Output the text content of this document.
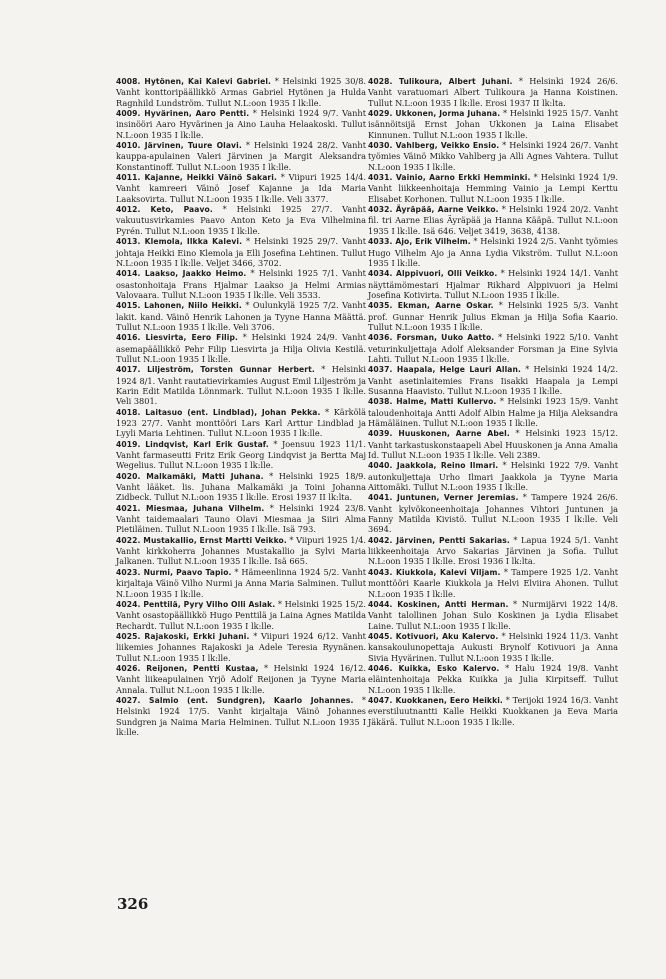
4008. Hytönen, Kai Kalevi Gabriel. * Helsinki 1925 30/8. Vanht konttoripäällikkö Armas Gabriel Hytönen ja Hulda Ragnhild Lundström. Tullut N.L:oon 1935 I lk:lle.

4009. Hyvärinen, Aaro Pentti. * Helsinki 1924 9/7. Vanht insinööri Aaro Hyvärinen ja Aino Lauha Helaakoski. Tullut N.L:oon 1935 I lk:lle.

4010. Järvinen, Tuure Olavi. * Helsinki 1924 28/2. Vanht kauppa-apulainen Valeri Järvinen ja Margit Aleksandra Konstantinoff. Tullut N.L:oon 1935 I lk:lle.

4011. Kajanne, Heikki Väinö Sakari. * Viipuri 1925 14/4. Vanht kamreeri Väinö Josef Kajanne ja Ida Maria Laaksovirta. Tullut N.L:oon 1935 I lk:lle. Veli 3377.

4012. Keto, Paavo. * Helsinki 1925 27/7. Vanht vakuutusvirkamies Paavo Anton Keto ja Eva Vilhelmina Pyrén. Tullut N.L:oon 1935 I lk:lle.

4013. Klemola, Ilkka Kalevi. * Helsinki 1925 29/7. Vanht johtaja Heikki Eino Klemola ja Elli Josefina Lehtinen. Tullut N.L:oon 1935 I lk:lle. Veljet 3466, 3702.

4014. Laakso, Jaakko Heimo. * Helsinki 1925 7/1. Vanht osastonhoitaja Frans Hjalmar Laakso ja Helmi Armias Valovaara. Tullut N.L:oon 1935 I lk:lle. Veli 3533.

4015. Lahonen, Niilo Heikki. * Oulunkylä 1925 7/2. Vanht lakit. kand. Väinö Henrik Lahonen ja Tyyne Hanna Määttä. Tullut N.L:oon 1935 I lk:lle. Veli 3706.

4016. Liesvirta, Eero Filip. * Helsinki 1924 24/9. Vanht asemapäällikkö Pehr Filip Liesvirta ja Hilja Olivia Kestilä. Tullut N.L:oon 1935 I lk:lle.

4017. Liljeström, Torsten Gunnar Herbert. * Helsinki 1924 8/1. Vanht rautatievirkamies August Emil Liljeström ja Karin Edit Matilda Lönnmark. Tullut N.L:oon 1935 I lk:lle. Veli 3801.

4018. Laitasuo (ent. Lindblad), Johan Pekka. * Kärkölä 1923 27/7. Vanht monttööri Lars Karl Arttur Lindblad ja Lyyli Maria Lehtinen. Tullut N.L:oon 1935 I lk:lle.

4019. Lindqvist, Karl Erik Gustaf. * Joensuu 1923 11/1. Vanht farmaseutti Fritz Erik Georg Lindqvist ja Bertta Maj Wegelius. Tullut N.L:oon 1935 I lk:lle.

4020. Malkamäki, Matti Juhana. * Helsinki 1925 18/9. Vanht lääket. lis. Juhana Malkamäki ja Toini Johanna Zidbeck. Tullut N.L:oon 1935 I lk:lle. Erosi 1937 II lk:lta.

4021. Miesmaa, Juhana Vilhelm. * Helsinki 1924 23/8. Vanht taidemaalari Tauno Olavi Miesmaa ja Siiri Alma Pietiläinen. Tullut N.L:oon 1935 I lk:lle. Isä 793.

4022. Mustakallio, Ernst Martti Veikko. * Viipuri 1925 1/4. Vanht kirkkoherra Johannes Mustakallio ja Sylvi Maria Jalkanen. Tullut N.L:oon 1935 I lk:lle. Isä 665.

4023. Nurmi, Paavo Tapio. * Hämeenlinna 1924 5/2. Vanht kirjaltaja Väinö Vilho Nurmi ja Anna Maria Salminen. Tullut N.L:oon 1935 I lk:lle.

4024. Penttilä, Pyry Vilho Olli Aslak. * Helsinki 1925 15/2. Vanht osastopäällikkö Hugo Penttilä ja Laina Agnes Matilda Rechardt. Tullut N.L:oon 1935 I lk:lle.

4025. Rajakoski, Erkki Juhani. * Viipuri 1924 6/12. Vanht liikemies Johannes Rajakoski ja Adele Teresia Ryynänen. Tullut N.L:oon 1935 I lk:lle.

4026. Reijonen, Pentti Kustaa, * Helsinki 1924 16/12. Vanht liikeapulainen Yrjö Adolf Reijonen ja Tyyne Maria Annala. Tullut N.L:oon 1935 I lk:lle.

4027. Salmio (ent. Sundgren), Kaarlo Johannes. * Helsinki 1924 17/5. Vanht kirjaltaja Väinö Johannes Sundgren ja Naima Maria Helminen. Tullut N.L:oon 1935 I lk:lle.

4028. Tulikoura, Albert Juhani. * Helsinki 1924 26/6. Vanht varatuomari Albert Tulikoura ja Hanna Koistinen. Tullut N.L:oon 1935 I lk:lle. Erosi 1937 II lk:lta.

4029. Ukkonen, Jorma Juhana. * Helsinki 1925 15/7. Vanht isännöitsijä Ernst Johan Ukkonen ja Laina Elisabet Kinnunen. Tullut N.L:oon 1935 I lk:lle.

4030. Vahlberg, Veikko Ensio. * Helsinki 1924 26/7. Vanht työmies Väinö Mikko Vahlberg ja Alli Agnes Vahtera. Tullut N.L:oon 1935 I lk:lle.

4031. Vainio, Aarno Erkki Hemminki. * Helsinki 1924 1/9. Vanht liikkeenhoitaja Hemming Vainio ja Lempi Kerttu Elisabet Korhonen. Tullut N.L:oon 1935 I lk:lle.

4032. Äyräpää, Aarne Veikko. * Helsinki 1924 20/2. Vanht fil. tri Aarne Elias Äyräpää ja Hanna Kääpä. Tullut N.L:oon 1935 I lk:lle. Isä 646. Veljet 3419, 3638, 4138.

4033. Ajo, Erik Vilhelm. * Helsinki 1924 2/5. Vanht työmies Hugo Vilhelm Ajo ja Anna Lydia Vikström. Tullut N.L:oon 1935 I lk:lle.

4034. Alppivuori, Olli Veikko. * Helsinki 1924 14/1. Vanht näyttämömestari Hjalmar Rikhard Alppivuori ja Helmi Josefina Kotivirta. Tullut N.L:oon 1935 I lk:lle.

4035. Ekman, Aarne Oskar. * Helsinki 1925 5/3. Vanht prof. Gunnar Henrik Julius Ekman ja Hilja Sofia Kaario. Tullut N.L:oon 1935 I lk:lle.

4036. Forsman, Uuko Aatto. * Helsinki 1922 5/10. Vanht veturinkuljettaja Adolf Aleksander Forsman ja Eine Sylvia Lahti. Tullut N.L:oon 1935 I lk:lle.

4037. Haapala, Helge Lauri Allan. * Helsinki 1924 14/2. Vanht asetinlaitemies Frans Iisakki Haapala ja Lempi Susanna Haavisto. Tullut N.L:oon 1935 I lk:lle.

4038. Halme, Matti Kullervo. * Helsinki 1923 15/9. Vanht taloudenhoitaja Antti Adolf Albin Halme ja Hilja Aleksandra Hämäläinen. Tullut N.L:oon 1935 I lk:lle.

4039. Huuskonen, Aarne Abel. * Helsinki 1923 15/12. Vanht tarkastuskonstaapeli Abel Huuskonen ja Anna Amalia Id. Tullut N.L:oon 1935 I lk:lle. Veli 2389.

4040. Jaakkola, Reino Ilmari. * Helsinki 1922 7/9. Vanht autonkuljettaja Urho Ilmari Jaakkola ja Tyyne Maria Aittomäki. Tullut N.L:oon 1935 I lk:lle.

4041. Juntunen, Verner Jeremias. * Tampere 1924 26/6. Vanht kylvökoneenhoitaja Johannes Vihtori Juntunen ja Fanny Matilda Kivistö. Tullut N.L:oon 1935 I lk:lle. Veli 3694.

4042. Järvinen, Pentti Sakarias. * Lapua 1924 5/1. Vanht liikkeenhoitaja Arvo Sakarias Järvinen ja Sofia. Tullut N.L:oon 1935 I lk:lle. Erosi 1936 I lk:lta.

4043. Kiukkola, Kalevi Viljam. * Tampere 1925 1/2. Vanht monttööri Kaarle Kiukkola ja Helvi Elviira Ahonen. Tullut N.L:oon 1935 I lk:lle.

4044. Koskinen, Antti Herman. * Nurmijärvi 1922 14/8. Vanht talollinen Johan Sulo Koskinen ja Lydia Elisabet Laine. Tullut N.L:oon 1935 I lk:lle.

4045. Kotivuori, Aku Kalervo. * Helsinki 1924 11/3. Vanht kansakoulunopettaja Aukusti Brynolf Kotivuori ja Anna Sivia Hyvärinen. Tullut N.L:oon 1935 I lk:lle.

4046. Kuikka, Esko Kalervo. * Halu 1924 19/8. Vanht eläintenhoitaja Pekka Kuikka ja Julia Kirpitseff. Tullut N.L:oon 1935 I lk:lle.

4047. Kuokkanen, Eero Heikki. * Terijoki 1924 16/3. Vanht everstiluutnantti Kalle Heikki Kuokkanen ja Eeva Maria Jäkärä. Tullut N.L:oon 1935 I lk:lle.

326
